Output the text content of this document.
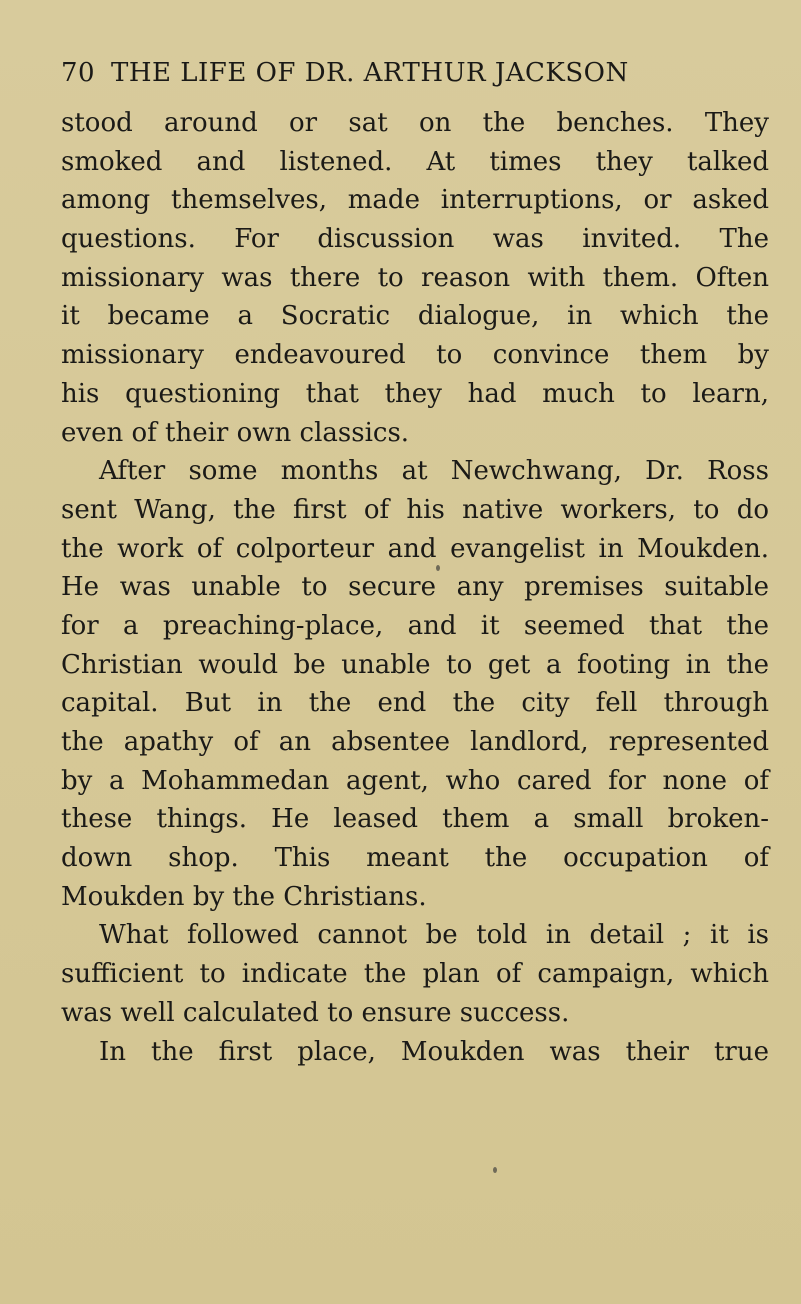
70 THE LIFE OF DR. ARTHUR JACKSON
stood around or sat on the benches. They
smoked and listened. At times they talked
among themselves, made interruptions, or asked
questions. For discussion was invited. The
missionary was there to reason with them. Often
it became a Socratic dialogue, in which the
missionary endeavoured to convince them by
his questioning that they had much to learn,
even of their own classics.
After some months at Newchwang, Dr. Ross
sent Wang, the first of his native workers, to do
the work of colporteur and evangelist in Moukden.
He was unable to secure any premises suitable
for a preaching-place, and it seemed that the
Christian would be unable to get a footing in the
capital. But in the end the city fell through
the apathy of an absentee landlord, represented
by a Mohammedan agent, who cared for none of
these things. He leased them a small broken-
down shop. This meant the occupation of
Moukden by the Christians.
What followed cannot be told in detail ; it is
sufficient to indicate the plan of campaign, which
was well calculated to ensure success.
In the first place, Moukden was their true
